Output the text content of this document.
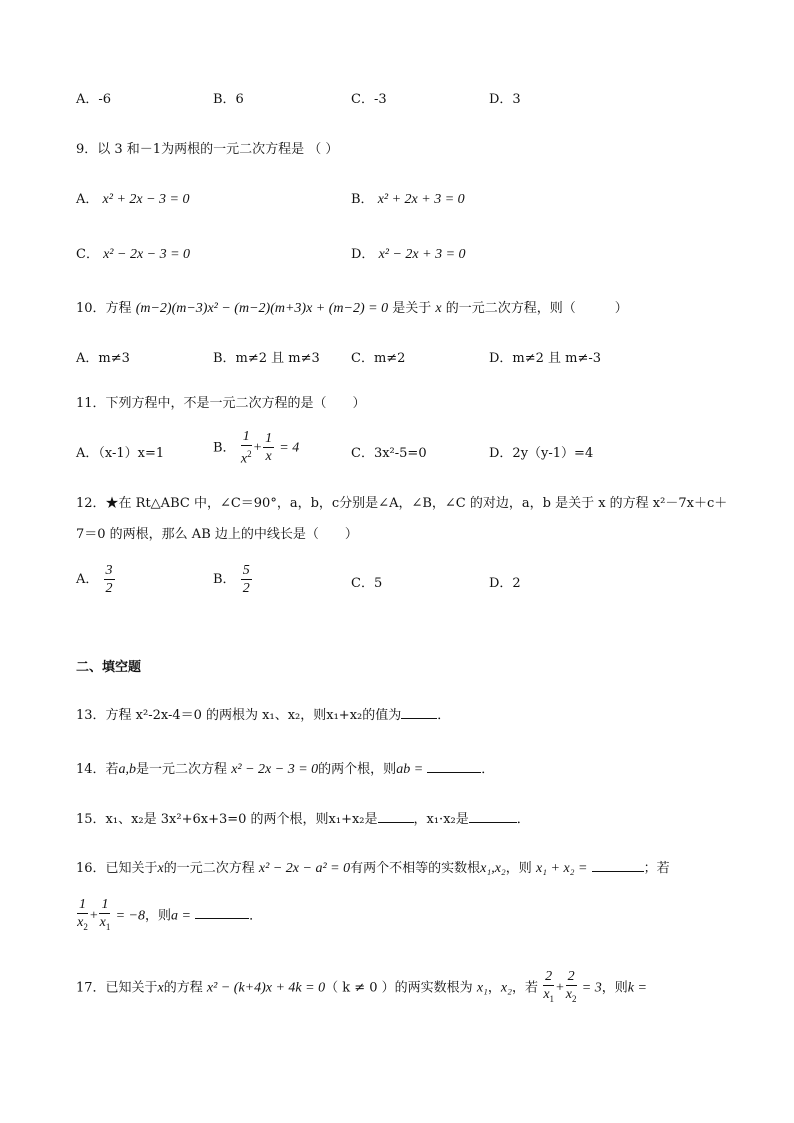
A．-6	B．6	C．-3	D．3
9．以 3 和－1为两根的一元二次方程是 （ ）
A． x² + 2x − 3 = 0	B． x² + 2x + 3 = 0
C． x² − 2x − 3 = 0	D． x² − 2x + 3 = 0
10．方程 (m−2)(m−3)x² − (m−2)(m+3)x + (m−2) = 0 是关于 x 的一元二次方程，则（　　　）
A．m≠3	B．m≠2 且 m≠3 C．m≠2	D．m≠2 且 m≠-3
11．下列方程中，不是一元二次方程的是（　　）
A．（x-1）x=1	B． $\frac{1}{x^2} + \frac{1}{x} = 4$	C．3x²-5=0	D．2y（y-1）=4
12．★在 Rt△ABC 中，∠C＝90°，a，b，c分别是∠A，∠B，∠C 的对边，a，b 是关于 x 的方程 x²－7x＋c＋
7＝0 的两根，那么 AB 边上的中线长是（　　）
A． $\frac{3}{2}$	B． $\frac{5}{2}$	C．5	D．2
二、填空题
13．方程 x²-2x-4＝0 的两根为 x₁、x₂，则x₁+x₂的值为	．
14．若a,b是一元二次方程 x² − 2x − 3 = 0的两个根，则ab =	．
15．x₁、x₂是 3x²+6x+3=0 的两个根，则x₁+x₂是	，x₁·x₂是	．
16．已知关于x的一元二次方程 x² − 2x − a² = 0有两个不相等的实数根x₁,x₂，则 x₁ + x₂ =	；若
$\frac{1}{x_2} + \frac{1}{x_1} = -8$，则a =	．
17．已知关于x的方程 x² − (k+4)x + 4k = 0（ k ≠ 0 ）的两实数根为 x₁，x₂，若 $\frac{2}{x_1} + \frac{2}{x_2} = 3$，则k =
